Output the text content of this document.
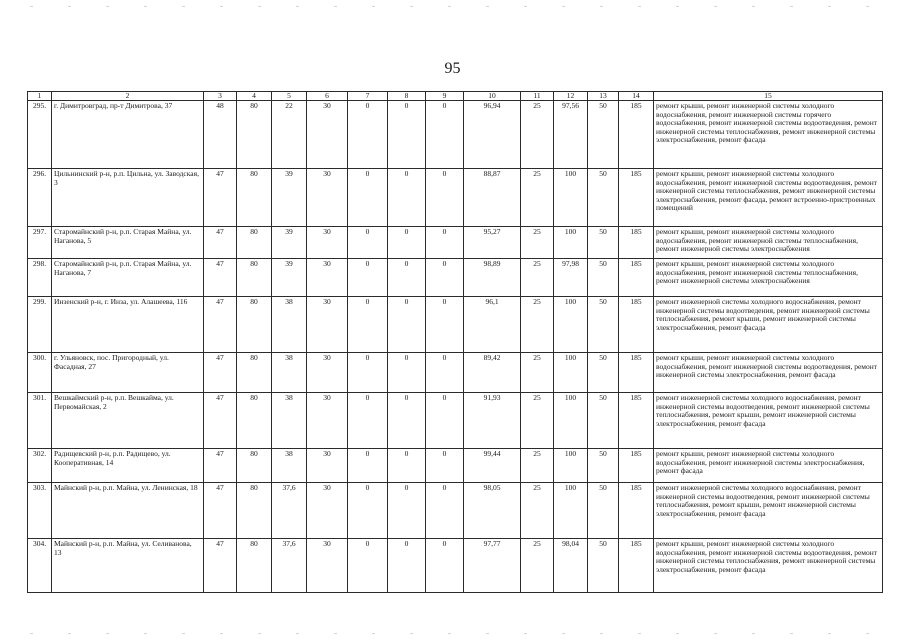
95
1	2	3	4	5	6	7	8	9	10	11	12	13	14	15
295.	г. Димитровград, пр-т Димитрова, 37	48	80	22	30	0	0	0	96,94	25	97,56	50	185	ремонт крыши, ремонт инженерной системы холодного водоснабжения, ремонт инженерной системы горячего водоснабжения, ремонт инженерной системы водоотведения, ремонт инженерной системы теплоснабжения, ремонт инженерной системы электроснабжения, ремонт фасада
296.	Цильнинский р-н, р.п. Цильна, ул. Заводская, 3	47	80	39	30	0	0	0	88,87	25	100	50	185	ремонт крыши, ремонт инженерной системы холодного водоснабжения, ремонт инженерной системы водоотведения, ремонт инженерной системы теплоснабжения, ремонт инженерной системы электроснабжения, ремонт фасада, ремонт встроенно-пристроенных помещений
297.	Старомайнский р-н, р.п. Старая Майна, ул. Наганова, 5	47	80	39	30	0	0	0	95,27	25	100	50	185	ремонт крыши, ремонт инженерной системы холодного водоснабжения, ремонт инженерной системы теплоснабжения, ремонт инженерной системы электроснабжения
298.	Старомайнский р-н, р.п. Старая Майна, ул. Наганова, 7	47	80	39	30	0	0	0	98,89	25	97,98	50	185	ремонт крыши, ремонт инженерной системы холодного водоснабжения, ремонт инженерной системы теплоснабжения, ремонт инженерной системы электроснабжения
299.	Инзенский р-н, г. Инза, ул. Алашеева, 116	47	80	38	30	0	0	0	96,1	25	100	50	185	ремонт инженерной системы холодного водоснабжения, ремонт инженерной системы водоотведения, ремонт инженерной системы теплоснабжения, ремонт крыши, ремонт инженерной системы электроснабжения, ремонт фасада
300.	г. Ульяновск, пос. Пригородный, ул. Фасадная, 27	47	80	38	30	0	0	0	89,42	25	100	50	185	ремонт крыши, ремонт инженерной системы холодного водоснабжения, ремонт инженерной системы водоотведения, ремонт инженерной системы электроснабжения, ремонт фасада
301.	Вешкаймский р-н, р.п. Вешкайма, ул. Первомайская, 2	47	80	38	30	0	0	0	91,93	25	100	50	185	ремонт инженерной системы холодного водоснабжения, ремонт инженерной системы водоотведения, ремонт инженерной системы теплоснабжения, ремонт крыши, ремонт инженерной системы электроснабжения, ремонт фасада
302.	Радищевский р-н, р.п. Радищево, ул. Кооперативная, 14	47	80	38	30	0	0	0	99,44	25	100	50	185	ремонт крыши, ремонт инженерной системы холодного водоснабжения, ремонт инженерной системы электроснабжения, ремонт фасада
303.	Майнский р-н, р.п. Майна, ул. Ленинская, 18	47	80	37,6	30	0	0	0	98,05	25	100	50	185	ремонт инженерной системы холодного водоснабжения, ремонт инженерной системы водоотведения, ремонт инженерной системы теплоснабжения, ремонт крыши, ремонт инженерной системы электроснабжения, ремонт фасада
304.	Майнский р-н, р.п. Майна, ул. Селиванова, 13	47	80	37,6	30	0	0	0	97,77	25	98,04	50	185	ремонт крыши, ремонт инженерной системы холодного водоснабжения, ремонт инженерной системы водоотведения, ремонт инженерной системы теплоснабжения, ремонт инженерной системы электроснабжения, ремонт фасада
